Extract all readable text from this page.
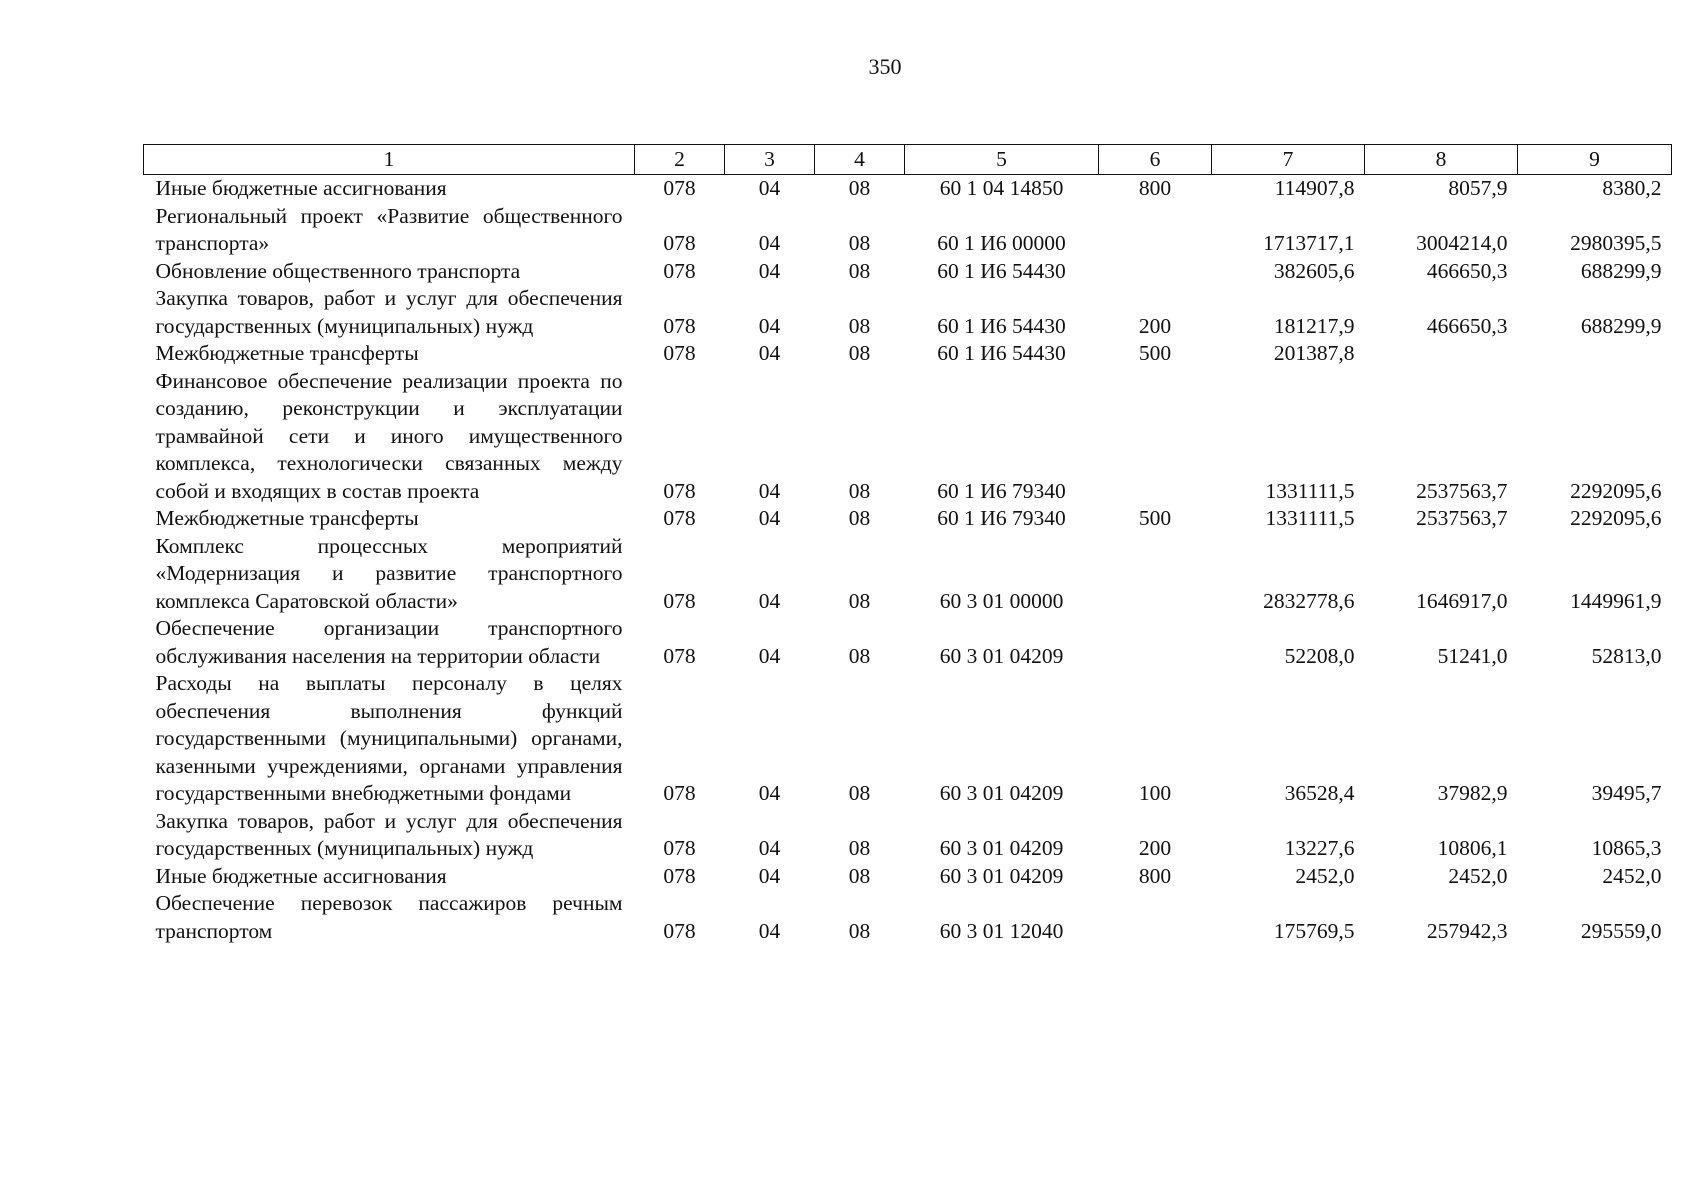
350
1	2	3	4	5	6	7	8	9
Иные бюджетные ассигнования	078	04	08	60 1 04 14850	800	114907,8	8057,9	8380,2
Региональный проект «Развитие общественного транспорта»	078	04	08	60 1 И6 00000		1713717,1	3004214,0	2980395,5
Обновление общественного транспорта	078	04	08	60 1 И6 54430		382605,6	466650,3	688299,9
Закупка товаров, работ и услуг для обеспечения государственных (муниципальных) нужд	078	04	08	60 1 И6 54430	200	181217,9	466650,3	688299,9
Межбюджетные трансферты	078	04	08	60 1 И6 54430	500	201387,8		
Финансовое обеспечение реализации проекта по созданию, реконструкции и эксплуатации трамвайной сети и иного имущественного комплекса, технологически связанных между собой и входящих в состав проекта	078	04	08	60 1 И6 79340		1331111,5	2537563,7	2292095,6
Межбюджетные трансферты	078	04	08	60 1 И6 79340	500	1331111,5	2537563,7	2292095,6
Комплекс процессных мероприятий «Модернизация и развитие транспортного комплекса Саратовской области»	078	04	08	60 3 01 00000		2832778,6	1646917,0	1449961,9
Обеспечение организации транспортного обслуживания населения на территории области	078	04	08	60 3 01 04209		52208,0	51241,0	52813,0
Расходы на выплаты персоналу в целях обеспечения выполнения функций государственными (муниципальными) органами, казенными учреждениями, органами управления государственными внебюджетными фондами	078	04	08	60 3 01 04209	100	36528,4	37982,9	39495,7
Закупка товаров, работ и услуг для обеспечения государственных (муниципальных) нужд	078	04	08	60 3 01 04209	200	13227,6	10806,1	10865,3
Иные бюджетные ассигнования	078	04	08	60 3 01 04209	800	2452,0	2452,0	2452,0
Обеспечение перевозок пассажиров речным транспортом	078	04	08	60 3 01 12040		175769,5	257942,3	295559,0
